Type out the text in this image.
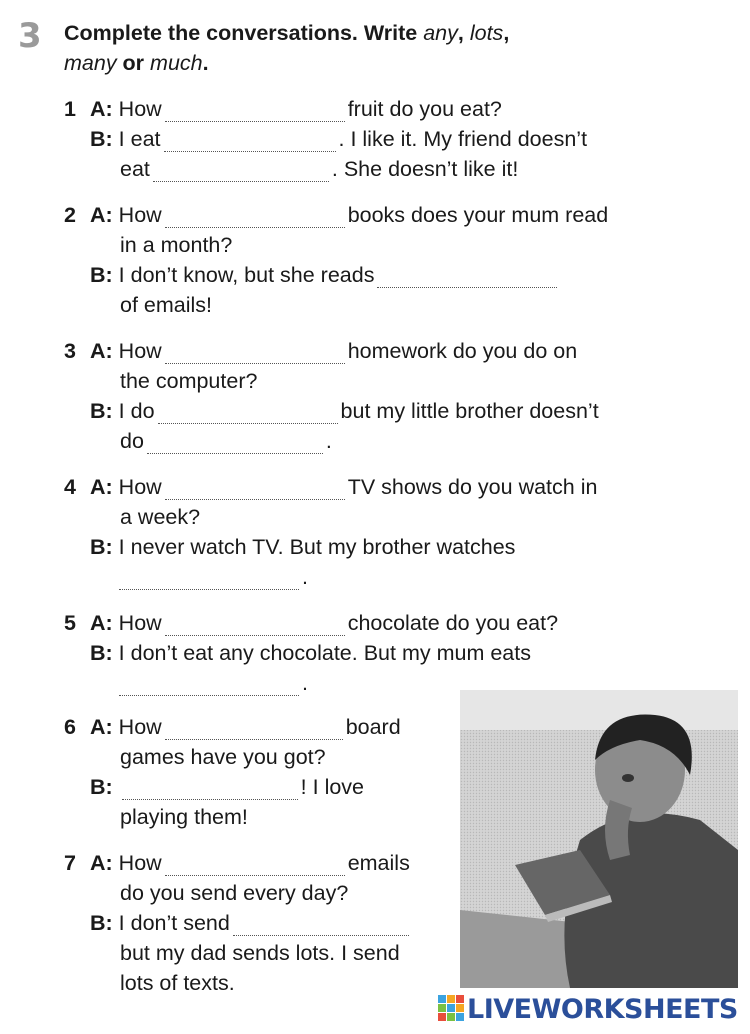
3 Complete the conversations. Write any, lots,
many or much.
1 A: How	fruit do you eat?
B: I eat	. I like it. My friend doesn’t
eat	. She doesn’t like it!
2 A: How	books does your mum read
in a month?
B: I don’t know, but she reads
of emails!
3 A: How	homework do you do on
the computer?
B: I do	but my little brother doesn’t
do	.
4 A: How	TV shows do you watch in
a week?
B: I never watch TV. But my brother watches
.
5 A: How	chocolate do you eat?
B: I don’t eat any chocolate. But my mum eats
.
6 A: How	board
games have you got?
B:	! I love
playing them!
7 A: How	emails
do you send every day?
B: I don’t send
but my dad sends lots. I send
lots of texts.
LIVEWORKSHEETS
